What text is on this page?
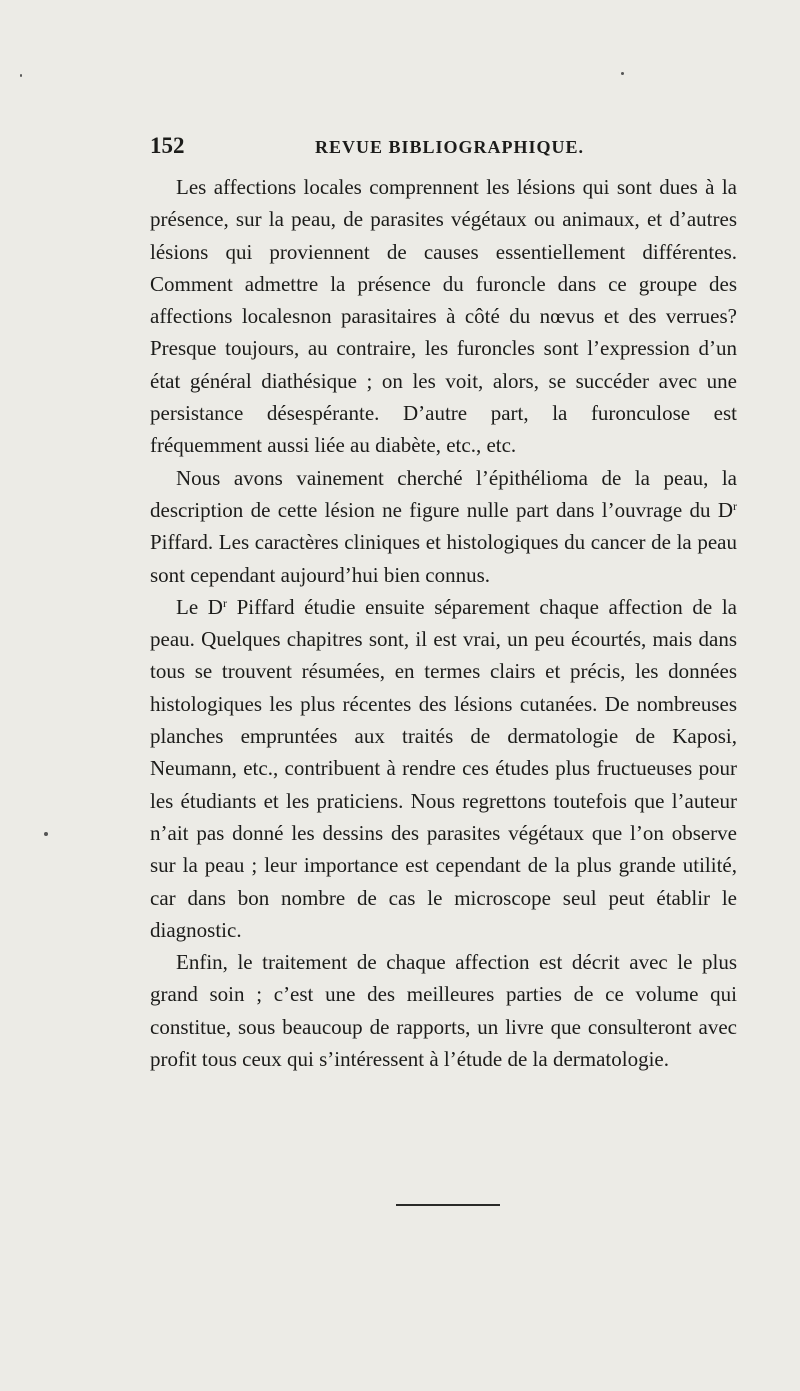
152	REVUE BIBLIOGRAPHIQUE.

Les affections locales comprennent les lésions qui sont dues à la présence, sur la peau, de parasites végétaux ou animaux, et d’autres lésions qui proviennent de causes essentiellement différentes. Comment admettre la présence du furoncle dans ce groupe des affections localesnon parasitaires à côté du nœvus et des verrues? Presque toujours, au contraire, les furoncles sont l’expression d’un état général diathésique ; on les voit, alors, se succéder avec une persistance désespérante. D’autre part, la furonculose est fréquemment aussi liée au diabète, etc., etc.

Nous avons vainement cherché l’épithélioma de la peau, la description de cette lésion ne figure nulle part dans l’ouvrage du $D^r$ Piffard. Les caractères cliniques et histologiques du cancer de la peau sont cependant aujourd’hui bien connus.

Le $D^r$ Piffard étudie ensuite séparement chaque affection de la peau. Quelques chapitres sont, il est vrai, un peu écourtés, mais dans tous se trouvent résumées, en termes clairs et précis, les données histologiques les plus récentes des lésions cutanées. De nombreuses planches empruntées aux traités de dermatologie de Kaposi, Neumann, etc., contribuent à rendre ces études plus fructueuses pour les étudiants et les praticiens. Nous regrettons toutefois que l’auteur n’ait pas donné les dessins des parasites végétaux que l’on observe sur la peau ; leur importance est cependant de la plus grande utilité, car dans bon nombre de cas le microscope seul peut établir le diagnostic.

Enfin, le traitement de chaque affection est décrit avec le plus grand soin ; c’est une des meilleures parties de ce volume qui constitue, sous beaucoup de rapports, un livre que consulteront avec profit tous ceux qui s’intéressent à l’étude de la dermatologie.
